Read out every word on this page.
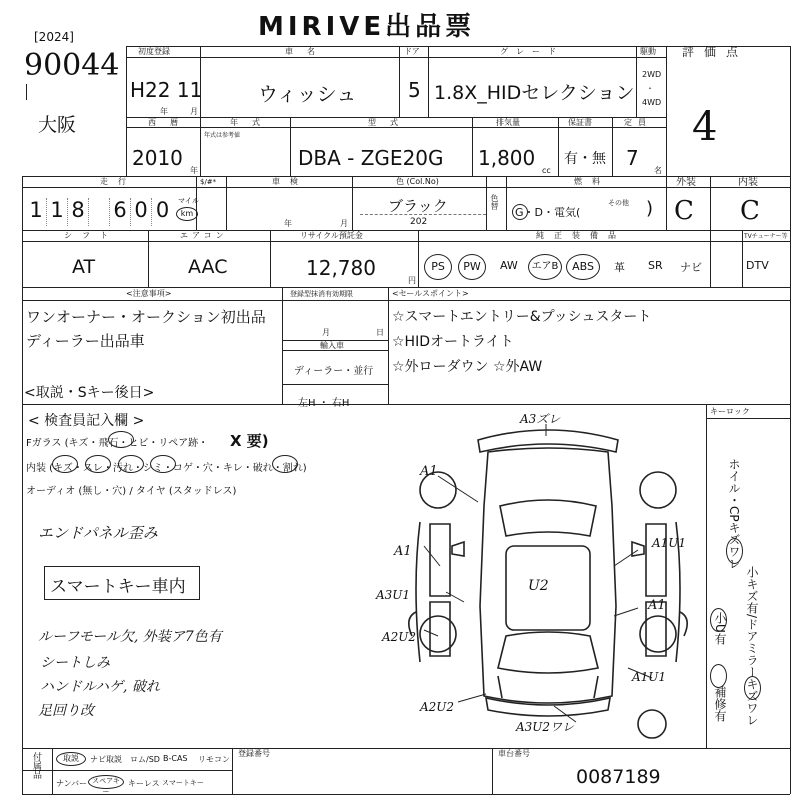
MIRIVE出品票
[2024]
90044
大阪
初度登録
H22 11
年	月
車名
ウィッシュ
ドア
5
グレード
1.8X_HIDセレクション
駆動
2WD
・
4WD
評価点
4
西暦
2010
年
年式
年式は参考値
型式
DBA - ZGE20G
排気量
1,800
cc
保証書
有・無
定員
7
名
走行
1 1 8 6 0 0	マイル
km
$/#*	車検
年	月
色 (Col.No)
ブラック
202
色替
燃料
G・D・電気(
その他 )
外装
C
内装
C
シフト
AT
エアコン
AAC
リサイクル預託金
12,780
円
純正装備品	TVチューナー等
PS	PW	AW	エアB	ABS	革 SR ナビ	DTV
<注意事項>
ワンオーナー・オークション初出品
ディーラー出品車
<取説・Sキー後日>
登録型抹消有効期限
月	日
輸入車
ディーラー・並行
左H ・ 右H
<セールスポイント>
☆スマートエントリー&プッシュスタート
☆HIDオートライト
☆外ローダウン ☆外AW
< 検査員記入欄 >
Fガラス (キズ・飛石・ヒビ・リペア跡・ X 要)
内装 (キズ・スレ・汚れ・シミ・コゲ・穴・キレ・破れ・割れ)
オーディオ (無し・穴) / タイヤ (スタッドレス)
エンドパネル歪み
スマートキー車内
ルーフモール欠, 外装ア7色有
シートしみ
ハンドルハゲ, 破れ
足回り改
A3ズレ
A1
A1U1
A1
A3U1
U2
A1
A2U2
A1U1
A2U2
A3U2ワレ
キーロック
ホイル・CPキズワレ
小キズ有/ドアミラーキズワレ
小U有
補修有
付属品	取説	ナビ取説 ロム/SD B-CAS リモコン
ナンバー スペアキー
キーレス スマートキー
登録番号	車台番号
0087189
